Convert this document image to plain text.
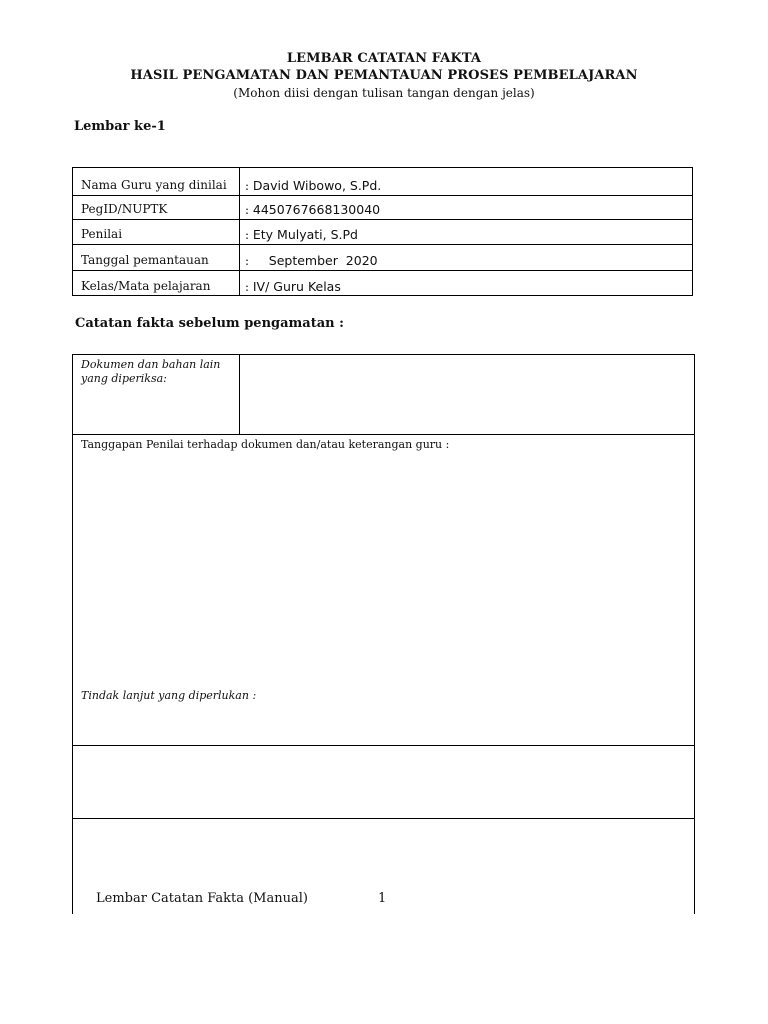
LEMBAR CATATAN FAKTA
HASIL PENGAMATAN DAN PEMANTAUAN PROSES PEMBELAJARAN
(Mohon diisi dengan tulisan tangan dengan jelas)
Lembar ke-1
Nama Guru yang dinilai : David Wibowo, S.Pd.
PegID/NUPTK	: 4450767668130040
Penilai	: Ety Mulyati, S.Pd
Tanggal pemantauan	:     September  2020
Kelas/Mata pelajaran	: IV/ Guru Kelas
Catatan fakta sebelum pengamatan :
Dokumen dan bahan lain yang diperiksa:
Tanggapan Penilai terhadap dokumen dan/atau keterangan guru :
Tindak lanjut yang diperlukan :
Lembar Catatan Fakta (Manual)	1
